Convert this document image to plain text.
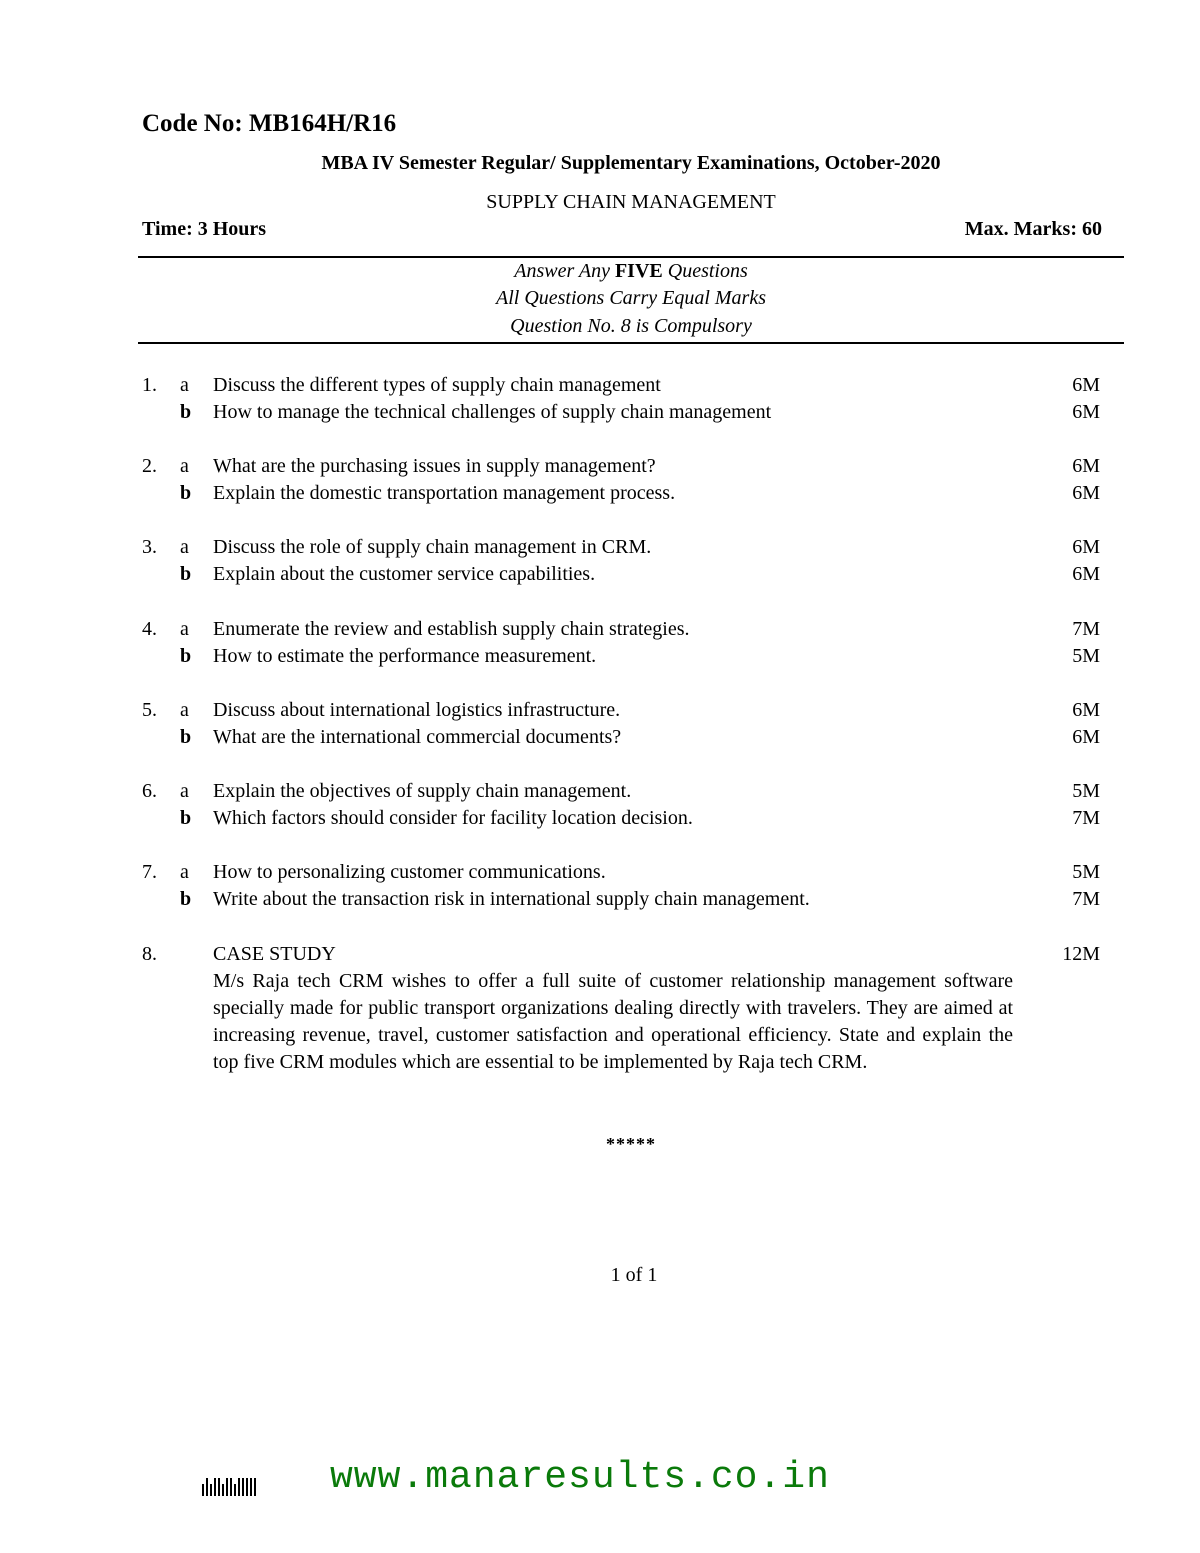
Code No: MB164H/R16
MBA IV Semester Regular/ Supplementary Examinations, October-2020
SUPPLY CHAIN MANAGEMENT
Time: 3 Hours	Max. Marks: 60
Answer Any FIVE Questions
All Questions Carry Equal Marks
Question No. 8 is Compulsory
1. a Discuss the different types of supply chain management	6M
b How to manage the technical challenges of supply chain management	6M
2. a What are the purchasing issues in supply management?	6M
b Explain the domestic transportation management process.	6M
3. a Discuss the role of supply chain management in CRM.	6M
b Explain about the customer service capabilities.	6M
4. a Enumerate the review and establish supply chain strategies.	7M
b How to estimate the performance measurement.	5M
5. a Discuss about international logistics infrastructure.	6M
b What are the international commercial documents?	6M
6. a Explain the objectives of supply chain management.	5M
b Which factors should consider for facility location decision.	7M
7. a How to personalizing customer communications.	5M
b Write about the transaction risk in international supply chain management.	7M
8.	CASE STUDY	12M
M/s Raja tech CRM wishes to offer a full suite of customer relationship management software specially made for public transport organizations dealing directly with travelers. They are aimed at increasing revenue, travel, customer satisfaction and operational efficiency. State and explain the top five CRM modules which are essential to be implemented by Raja tech CRM.
*****
1 of 1
www.manaresults.co.in
